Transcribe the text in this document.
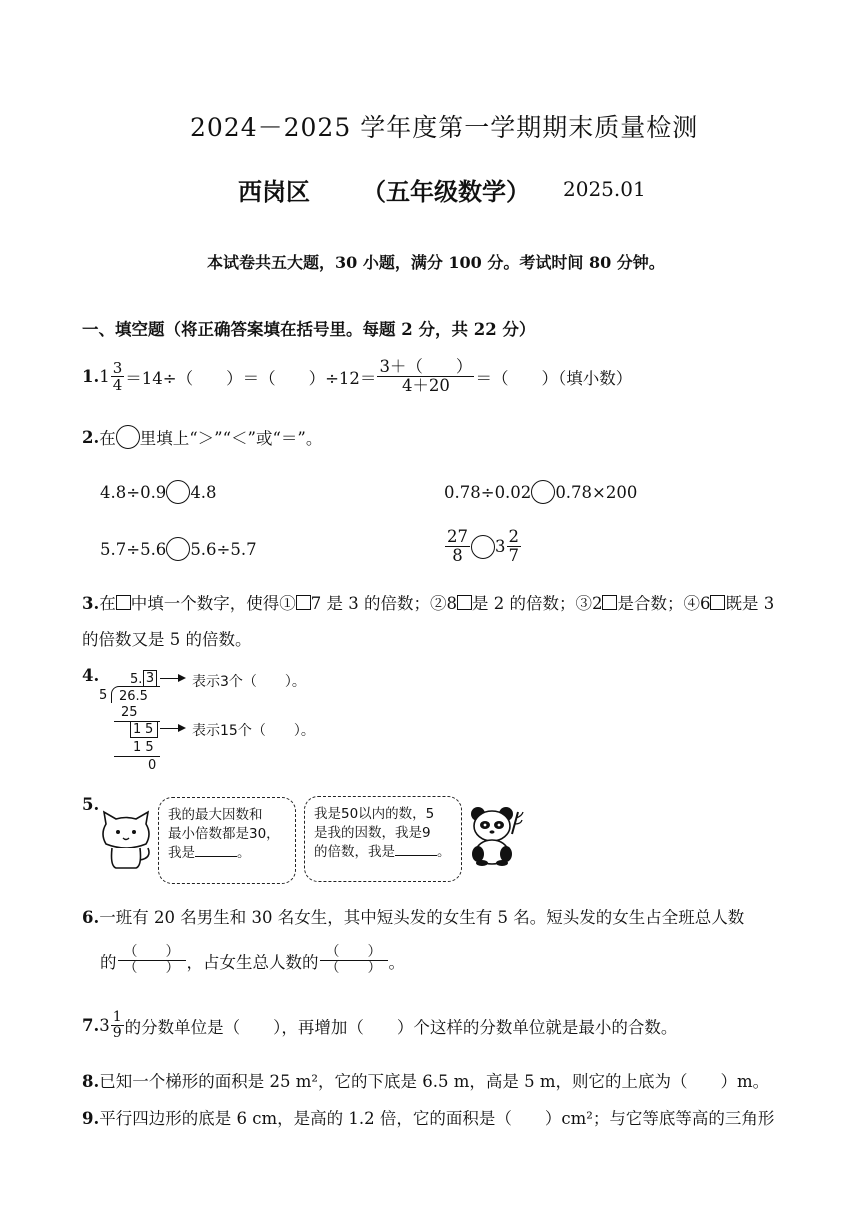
2024－2025 学年度第一学期期末质量检测
西岗区 （五年级数学） 2025.01
本试卷共五大题，30 小题，满分 100 分。考试时间 80 分钟。
一、填空题（将正确答案填在括号里。每题 2 分，共 22 分）
1. $1 \frac{3}{4} =14\div$（　　）＝（　　）$\div 12= \frac{3+( )}{4+20}$ ＝（　　）（填小数）
2. 在 里填上“＞”“＜”或“＝”。
4.8÷0.9 4.8	0.78÷0.02 0.78×200
5.7÷5.6 5.6÷5.7	$\frac{27}{8} 3 \frac{2}{7}$
3.在 中填一个数字，使得① 7 是 3 的倍数；②8 是 2 的倍数；③2 是合数；④6 既是 3
的倍数又是 5 的倍数。
4. 5. 3
5 26.5
25
1 5
1 5
0
表示3个（　　）。
表示15个（　　）。
5.
我的最大因数和
最小倍数都是30，
我是	。
我是50以内的数，5
是我的因数，我是9
的倍数，我是	。
6.一班有 20 名男生和 30 名女生，其中短头发的女生有 5 名。短头发的女生占全班总人数
的 $\frac{( )}{( )}$ ，占女生总人数的 $\frac{( )}{( )}$ 。
7. $3 \frac{1}{9}$ 的分数单位是（　　），再增加（　　）个这样的分数单位就是最小的合数。
8.已知一个梯形的面积是 25 m²，它的下底是 6.5 m，高是 5 m，则它的上底为（　　）m。
9.平行四边形的底是 6 cm，是高的 1.2 倍，它的面积是（　　）cm²；与它等底等高的三角形
